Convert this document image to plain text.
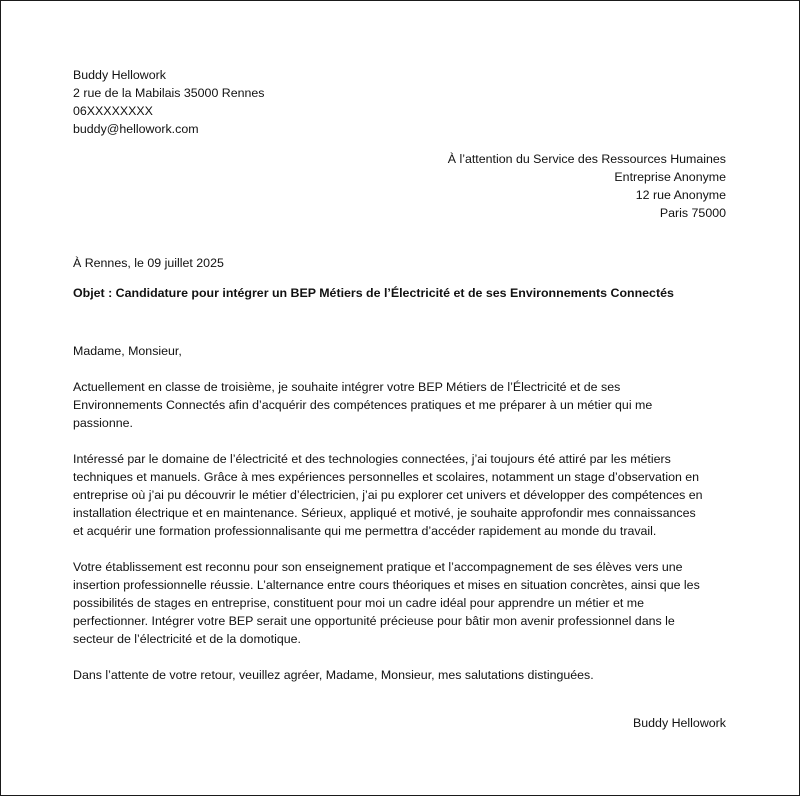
Buddy Hellowork
2 rue de la Mabilais 35000 Rennes
06XXXXXXXX
buddy@hellowork.com
À l’attention du Service des Ressources Humaines
Entreprise Anonyme
12 rue Anonyme
Paris 75000
À Rennes, le 09 juillet 2025
Objet : Candidature pour intégrer un BEP Métiers de l’Électricité et de ses Environnements Connectés

Madame, Monsieur,

Actuellement en classe de troisième, je souhaite intégrer votre BEP Métiers de l’Électricité et de ses
Environnements Connectés afin d’acquérir des compétences pratiques et me préparer à un métier qui me
passionne.

Intéressé par le domaine de l’électricité et des technologies connectées, j’ai toujours été attiré par les métiers
techniques et manuels. Grâce à mes expériences personnelles et scolaires, notamment un stage d’observation en
entreprise où j’ai pu découvrir le métier d’électricien, j’ai pu explorer cet univers et développer des compétences en
installation électrique et en maintenance. Sérieux, appliqué et motivé, je souhaite approfondir mes connaissances
et acquérir une formation professionnalisante qui me permettra d’accéder rapidement au monde du travail.

Votre établissement est reconnu pour son enseignement pratique et l’accompagnement de ses élèves vers une
insertion professionnelle réussie. L’alternance entre cours théoriques et mises en situation concrètes, ainsi que les
possibilités de stages en entreprise, constituent pour moi un cadre idéal pour apprendre un métier et me
perfectionner. Intégrer votre BEP serait une opportunité précieuse pour bâtir mon avenir professionnel dans le
secteur de l’électricité et de la domotique.

Dans l’attente de votre retour, veuillez agréer, Madame, Monsieur, mes salutations distinguées.

Buddy Hellowork
